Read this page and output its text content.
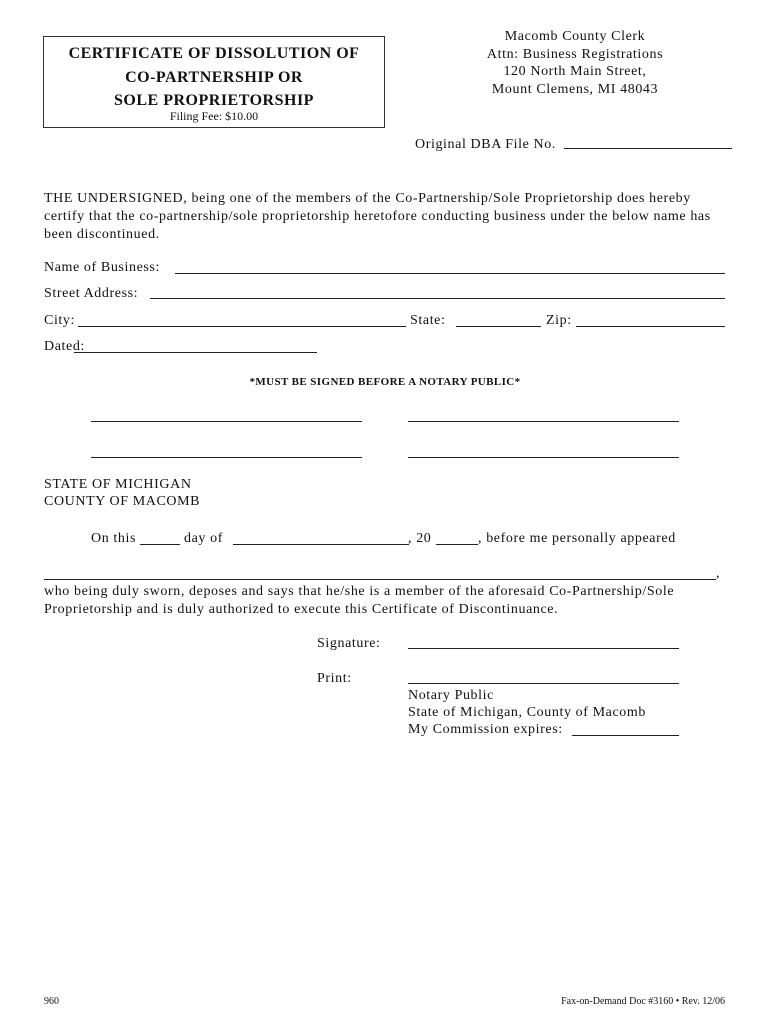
CERTIFICATE OF DISSOLUTION OF
CO-PARTNERSHIP OR
SOLE PROPRIETORSHIP
Filing Fee: $10.00
Macomb County Clerk
Attn: Business Registrations
120 North Main Street,
Mount Clemens, MI 48043
Original DBA File No.
THE UNDERSIGNED, being one of the members of the Co-Partnership/Sole Proprietorship does hereby certify that the co-partnership/sole proprietorship heretofore conducting business under the below name has been discontinued.
Name of Business:
Street Address:
City:	State:	Zip:
Dated:
*MUST BE SIGNED BEFORE A NOTARY PUBLIC*
STATE OF MICHIGAN
COUNTY OF MACOMB
On this	day of	, 20	, before me personally appeared
,
who being duly sworn, deposes and says that he/she is a member of the aforesaid Co-Partnership/Sole Proprietorship and is duly authorized to execute this Certificate of Discontinuance.
Signature:
Print:
Notary Public
State of Michigan, County of Macomb
My Commission expires:
960	Fax-on-Demand Doc #3160 • Rev. 12/06
